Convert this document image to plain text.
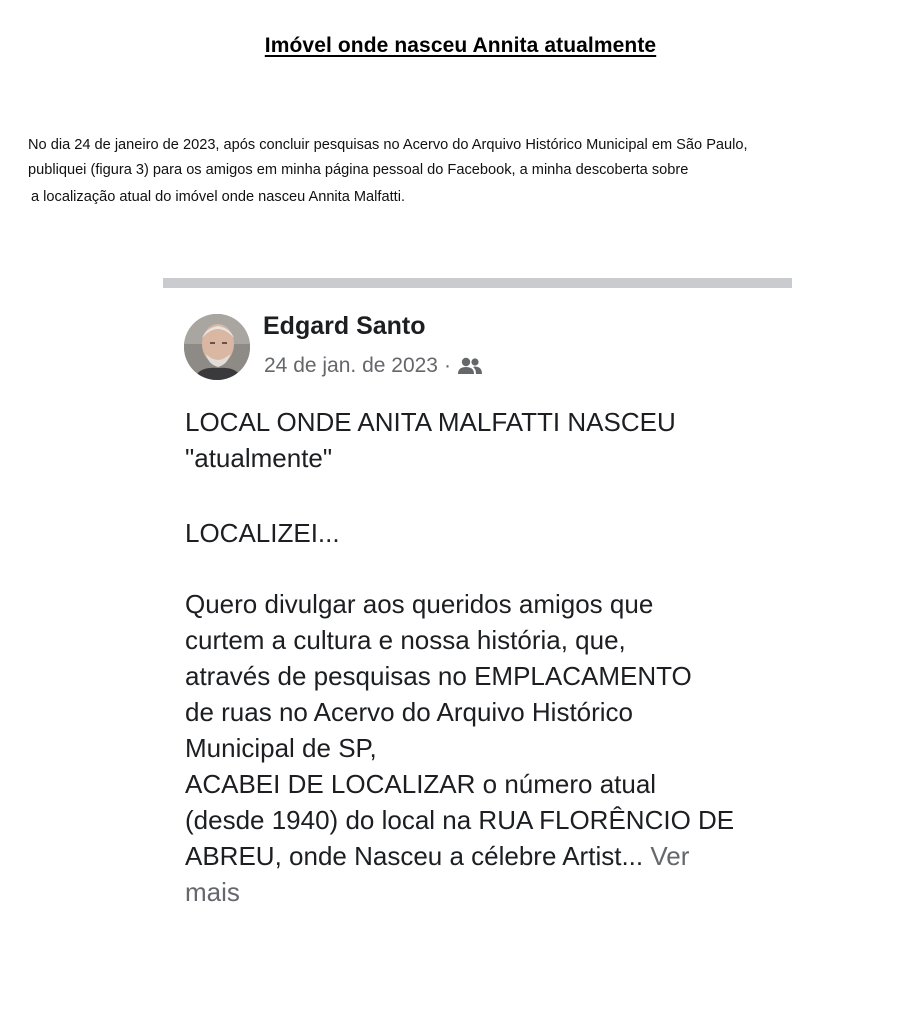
Imóvel onde nasceu Annita atualmente
No dia 24 de janeiro de 2023, após concluir pesquisas no Acervo do Arquivo Histórico Municipal em São Paulo,
publiquei (figura 3) para os amigos em minha página pessoal do Facebook, a minha descoberta sobre
a localização atual do imóvel onde nasceu Annita Malfatti.
Edgard Santo
24 de jan. de 2023 ·
LOCAL ONDE ANITA MALFATTI NASCEU
"atualmente"
LOCALIZEI...
Quero divulgar aos queridos amigos que
curtem a cultura e nossa história, que,
através de pesquisas no EMPLACAMENTO
de ruas no Acervo do Arquivo Histórico
Municipal de SP,
ACABEI DE LOCALIZAR o número atual
(desde 1940) do local na RUA FLORÊNCIO DE
ABREU, onde Nasceu a célebre Artist... Ver
mais
